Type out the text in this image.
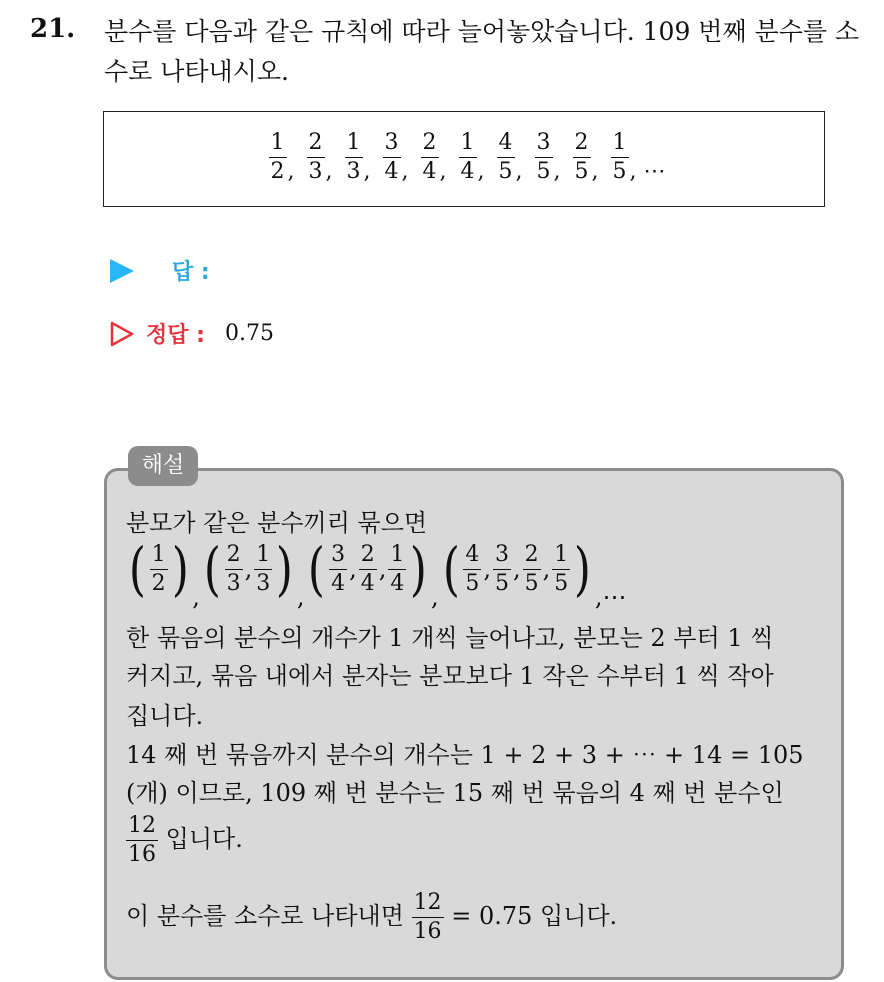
21. 분수를 다음과 같은 규칙에 따라 늘어놓았습니다. 109 번째 분수를 소수로 나타내시오.
$\frac{1}{2}$ , $\frac{2}{3}$ , $\frac{1}{3}$ , $\frac{3}{4}$ , $\frac{2}{4}$ , $\frac{1}{4}$ , $\frac{4}{5}$ , $\frac{3}{5}$ , $\frac{2}{5}$ , $\frac{1}{5}$ , ⋯
답 :
정답 : 0.75
해설
분모가 같은 분수끼리 묶으면
( $\frac{1}{2}$ ) , ( $\frac{2}{3}$ , $\frac{1}{3}$ ) , ( $\frac{3}{4}$ , $\frac{2}{4}$ , $\frac{1}{4}$ ) , ( $\frac{4}{5}$ , $\frac{3}{5}$ , $\frac{2}{5}$ , $\frac{1}{5}$ ) ,⋯
한 묶음의 분수의 개수가 1 개씩 늘어나고, 분모는 2 부터 1 씩
커지고, 묶음 내에서 분자는 분모보다 1 작은 수부터 1 씩 작아
집니다.
14 째 번 묶음까지 분수의 개수는 1 + 2 + 3 + ⋯ + 14 = 105
(개) 이므로, 109 째 번 분수는 15 째 번 묶음의 4 째 번 분수인
$\frac{12}{16}$ 입니다.
이 분수를 소수로 나타내면 $\frac{12}{16} = 0.75$ 입니다.
